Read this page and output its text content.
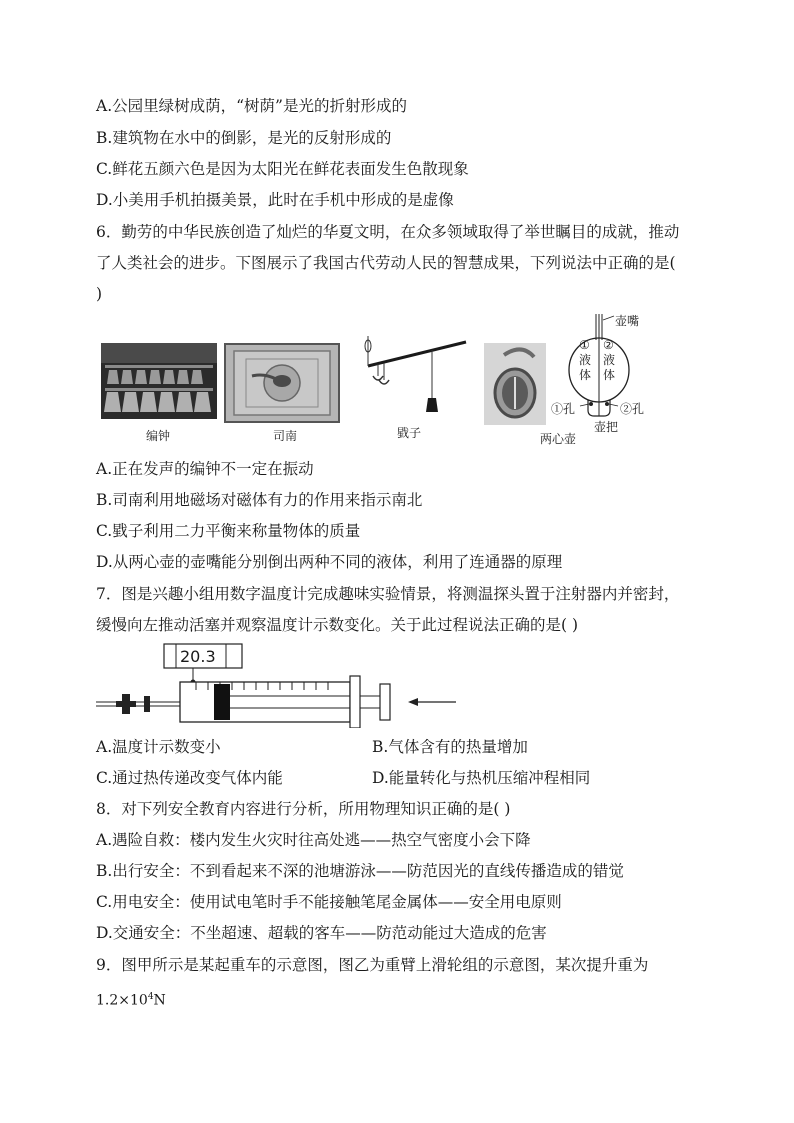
A.公园里绿树成荫，“树荫”是光的折射形成的
B.建筑物在水中的倒影，是光的反射形成的
C.鲜花五颜六色是因为太阳光在鲜花表面发生色散现象
D.小美用手机拍摄美景，此时在手机中形成的是虚像
6．勤劳的中华民族创造了灿烂的华夏文明，在众多领域取得了举世瞩目的成就，推动
了人类社会的进步。下图展示了我国古代劳动人民的智慧成果，下列说法中正确的是(
)
编钟	司南	戥子	两心壶
壶嘴
①
液
体
②
液
体
①孔	②孔
壶把
A.正在发声的编钟不一定在振动
B.司南利用地磁场对磁体有力的作用来指示南北
C.戥子利用二力平衡来称量物体的质量
D.从两心壶的壶嘴能分别倒出两种不同的液体，利用了连通器的原理
7．图是兴趣小组用数字温度计完成趣味实验情景，将测温探头置于注射器内并密封，
缓慢向左推动活塞并观察温度计示数变化。关于此过程说法正确的是( )
20.3
A.温度计示数变小	B.气体含有的热量增加
C.通过热传递改变气体内能	D.能量转化与热机压缩冲程相同
8．对下列安全教育内容进行分析，所用物理知识正确的是( )
A.遇险自救：楼内发生火灾时往高处逃——热空气密度小会下降
B.出行安全：不到看起来不深的池塘游泳——防范因光的直线传播造成的错觉
C.用电安全：使用试电笔时手不能接触笔尾金属体——安全用电原则
D.交通安全：不坐超速、超载的客车——防范动能过大造成的危害
9．图甲所示是某起重车的示意图，图乙为重臂上滑轮组的示意图，某次提升重为
$1.2\times 10^4N$
